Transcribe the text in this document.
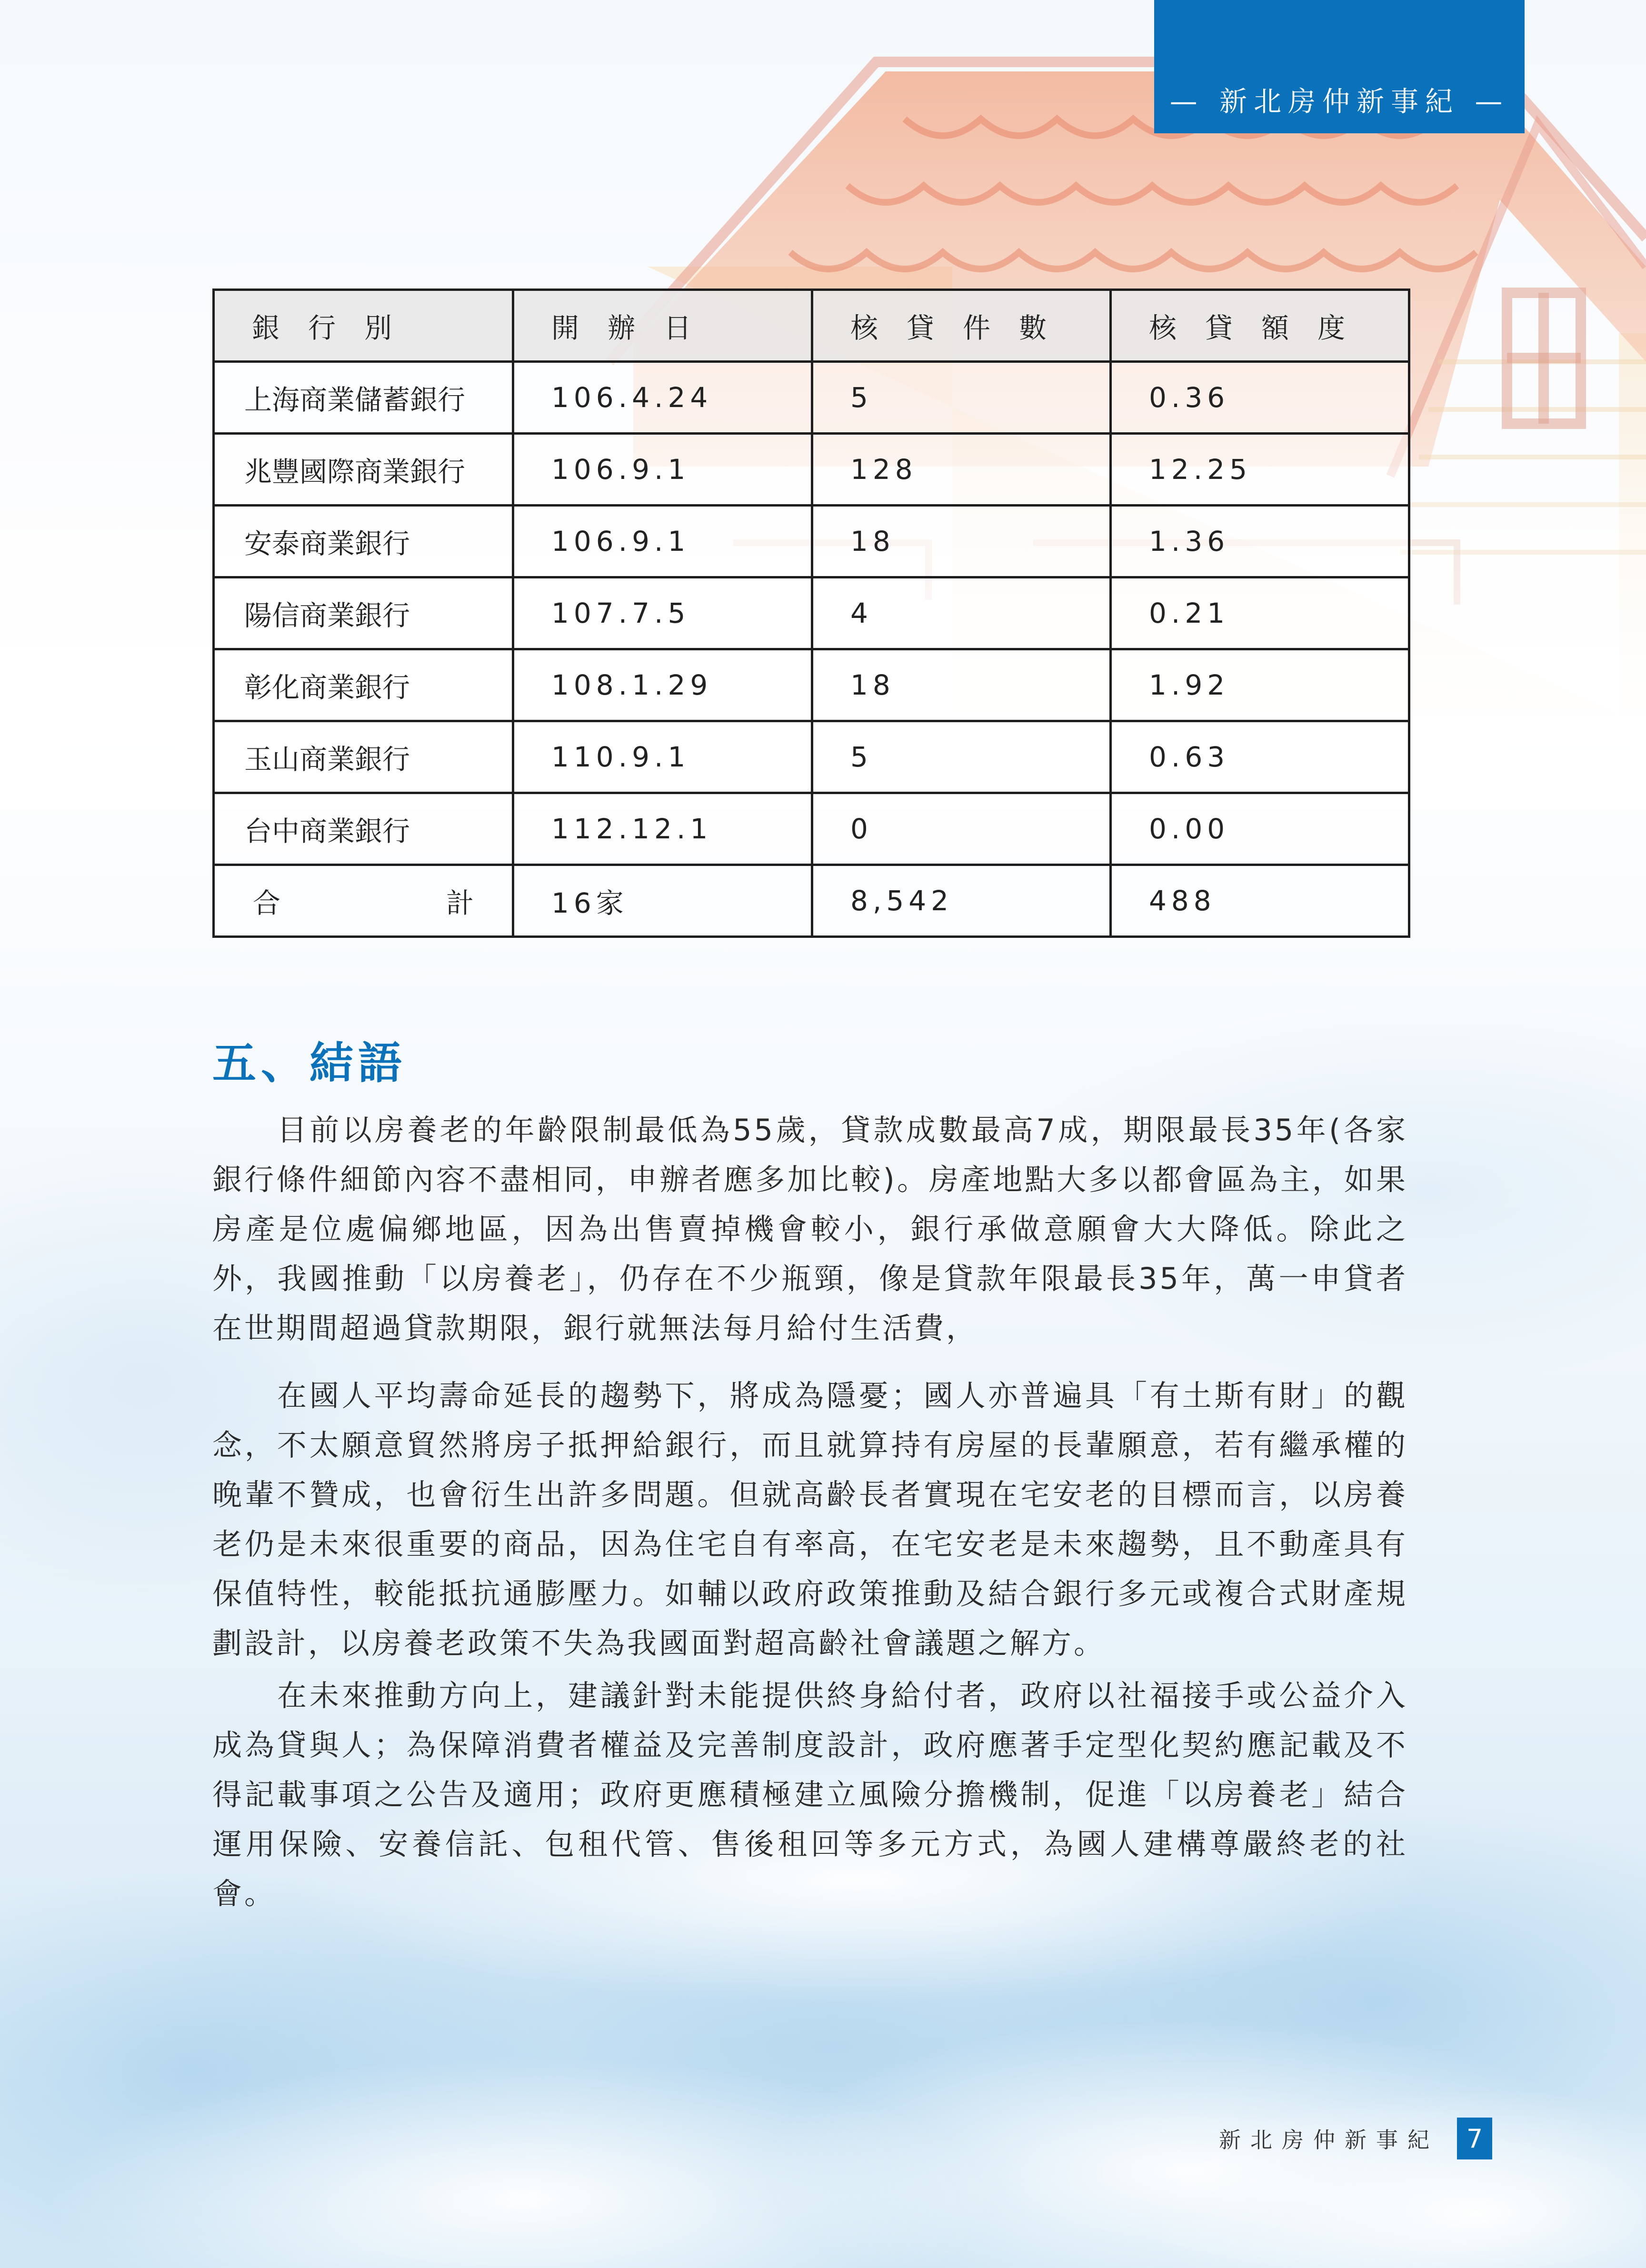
— 新北房仲新事紀 —
銀行別	開辦日	核貸件數	核貸額度
上海商業儲蓄銀行	106.4.24	5	0.36
兆豐國際商業銀行	106.9.1	128	12.25
安泰商業銀行	106.9.1	18	1.36
陽信商業銀行	107.7.5	4	0.21
彰化商業銀行	108.1.29	18	1.92
玉山商業銀行	110.9.1	5	0.63
台中商業銀行	112.12.1	0	0.00

合 計	16家	8,542	488
五、結語

目前以房養老的年齡限制最低為55歲，貸款成數最高7成，期限最長35年(各家銀行條件細節內容不盡相同，申辦者應多加比較)。房產地點大多以都會區為主，如果房產是位處偏鄉地區，因為出售賣掉機會較小，銀行承做意願會大大降低。除此之外，我國推動「以房養老」，仍存在不少瓶頸，像是貸款年限最長35年，萬一申貸者在世期間超過貸款期限，銀行就無法每月給付生活費，

在國人平均壽命延長的趨勢下，將成為隱憂；國人亦普遍具「有土斯有財」的觀念，不太願意貿然將房子抵押給銀行，而且就算持有房屋的長輩願意，若有繼承權的晚輩不贊成，也會衍生出許多問題。但就高齡長者實現在宅安老的目標而言，以房養老仍是未來很重要的商品，因為住宅自有率高，在宅安老是未來趨勢，且不動產具有保值特性，較能抵抗通膨壓力。如輔以政府政策推動及結合銀行多元或複合式財產規劃設計，以房養老政策不失為我國面對超高齡社會議題之解方。

在未來推動方向上，建議針對未能提供終身給付者，政府以社福接手或公益介入成為貸與人；為保障消費者權益及完善制度設計，政府應著手定型化契約應記載及不得記載事項之公告及適用；政府更應積極建立風險分擔機制，促進「以房養老」結合運用保險、安養信託、包租代管、售後租回等多元方式，為國人建構尊嚴終老的社會。

新北房仲新事紀	7
